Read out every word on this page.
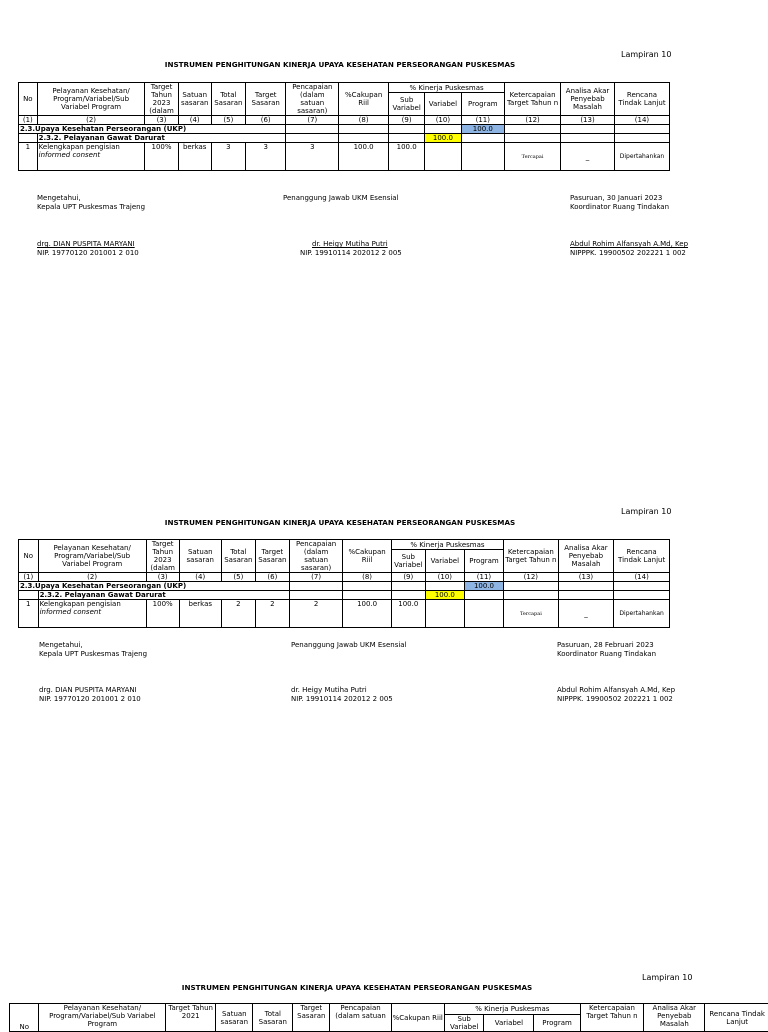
Lampiran 10
INSTRUMEN PENGHITUNGAN KINERJA UPAYA KESEHATAN PERSEORANGAN PUSKESMAS
No	Pelayanan Kesehatan/ Program/Variabel/Sub Variabel Program	Target Tahun 2023 (dalam	Satuan sasaran	Total Sasaran	Target Sasaran	Pencapaian (dalam satuan sasaran)	%Cakupan Riil	% Kinerja Puskesmas			Ketercapaian Target Tahun n	Analisa Akar Penyebab Masalah	Rencana Tindak Lanjut
								Sub Variabel	Variabel	Program			
(1)	(2)	(3)	(4)	(5)	(6)	(7)	(8)	(9)	(10)	(11)	(12)	(13)	(14)
2.3.Upaya Kesehatan Perseorangan (UKP)										100.0			
	2.3.2. Pelayanan Gawat Darurat								100.0				
1	Kelengkapan pengisian informed consent	100%	berkas	3	3	3	100.0	100.0			Tercapai	_	Dipertahankan
Mengetahui,
Kepala UPT Puskesmas Trajeng
drg. DIAN PUSPITA MARYANI
NIP. 19770120 201001 2 010
Penanggung Jawab UKM Esensial
dr. Heigy Mutiha Putri
NIP. 19910114 202012 2 005
Pasuruan, 30 Januari 2023
Koordinator Ruang Tindakan
Abdul Rohim Alfansyah A.Md, Kep
NIPPPK. 19900502 202221 1 002
Lampiran 10
INSTRUMEN PENGHITUNGAN KINERJA UPAYA KESEHATAN PERSEORANGAN PUSKESMAS
No	Pelayanan Kesehatan/ Program/Variabel/Sub Variabel Program	Target Tahun 2023 (dalam	Satuan sasaran	Total Sasaran	Target Sasaran	Pencapaian (dalam satuan sasaran)	%Cakupan Riil	% Kinerja Puskesmas			Ketercapaian Target Tahun n	Analisa Akar Penyebab Masalah	Rencana Tindak Lanjut
								Sub Variabel	Variabel	Program			
(1)	(2)	(3)	(4)	(5)	(6)	(7)	(8)	(9)	(10)	(11)	(12)	(13)	(14)
2.3.Upaya Kesehatan Perseorangan (UKP)										100.0			
	2.3.2. Pelayanan Gawat Darurat								100.0				
1	Kelengkapan pengisian informed consent	100%	berkas	2	2	2	100.0	100.0			Tercapai	_	Dipertahankan
Mengetahui,
Kepala UPT Puskesmas Trajeng
drg. DIAN PUSPITA MARYANI
NIP. 19770120 201001 2 010
Penanggung Jawab UKM Esensial
dr. Heigy Mutiha Putri
NIP. 19910114 202012 2 005
Pasuruan, 28 Februari 2023
Koordinator Ruang Tindakan
Abdul Rohim Alfansyah A.Md, Kep
NIPPPK. 19900502 202221 1 002
Lampiran 10
INSTRUMEN PENGHITUNGAN KINERJA UPAYA KESEHATAN PERSEORANGAN PUSKESMAS
No	Pelayanan Kesehatan/ Program/Variabel/Sub Variabel Program	Target Tahun 2021	Satuan sasaran	Total Sasaran	Target Sasaran	Pencapaian (dalam satuan	%Cakupan Riil	% Kinerja Puskesmas			Ketercapaian Target Tahun n	Analisa Akar Penyebab Masalah	Rencana Tindak Lanjut
								Sub Variabel	Variabel	Program			
